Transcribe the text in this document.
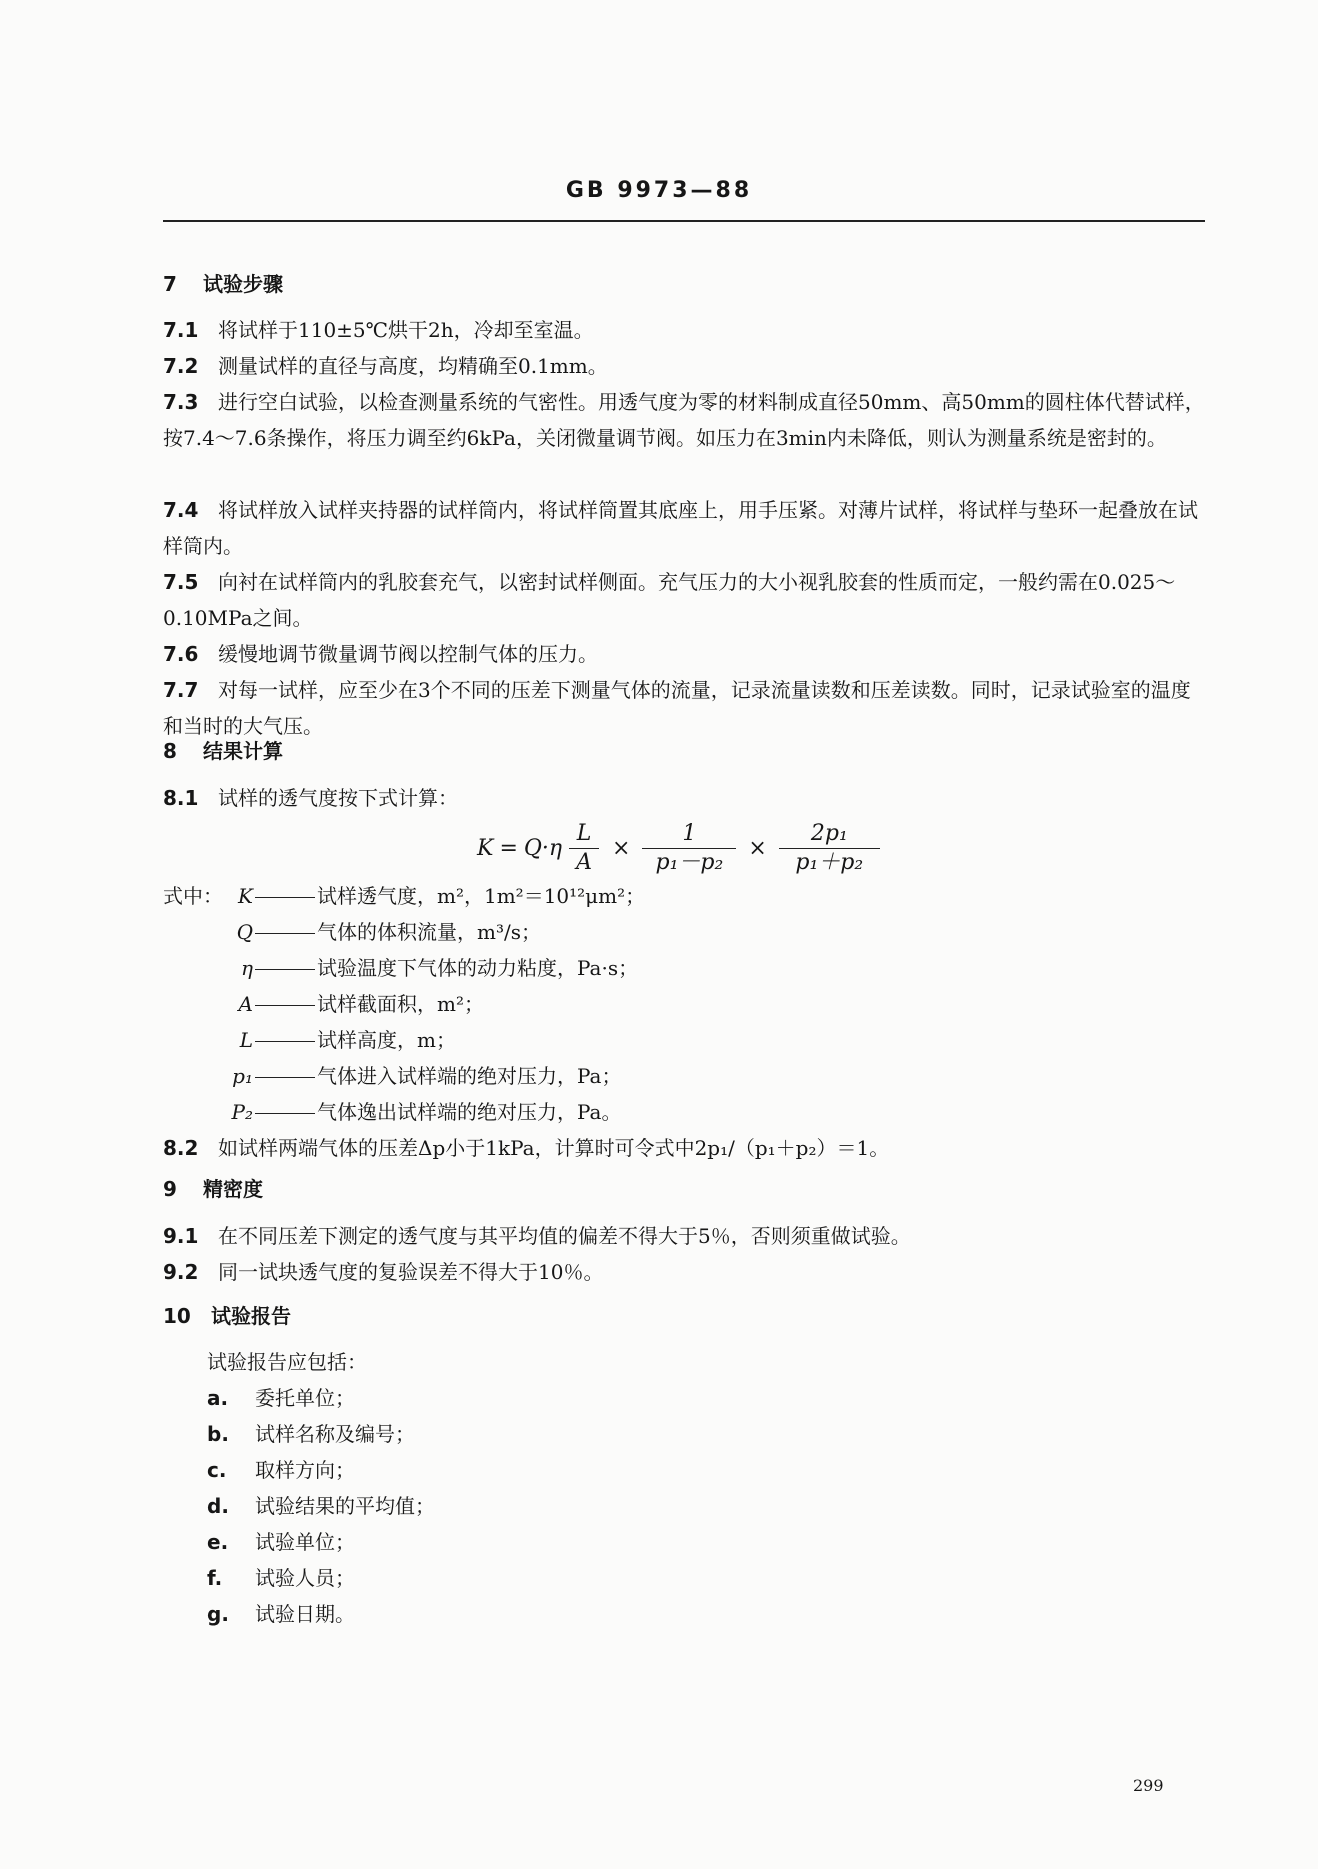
GB 9973—88
7 试验步骤
7.1 将试样于110±5℃烘干2h，冷却至室温。
7.2 测量试样的直径与高度，均精确至0.1mm。
7.3 进行空白试验，以检查测量系统的气密性。用透气度为零的材料制成直径50mm、高50mm的圆柱体代替试样，按7.4～7.6条操作，将压力调至约6kPa，关闭微量调节阀。如压力在3min内未降低，则认为测量系统是密封的。
7.4 将试样放入试样夹持器的试样筒内，将试样筒置其底座上，用手压紧。对薄片试样，将试样与垫环一起叠放在试样筒内。
7.5 向衬在试样筒内的乳胶套充气，以密封试样侧面。充气压力的大小视乳胶套的性质而定，一般约需在0.025～0.10MPa之间。
7.6 缓慢地调节微量调节阀以控制气体的压力。
7.7 对每一试样，应至少在3个不同的压差下测量气体的流量，记录流量读数和压差读数。同时，记录试验室的温度和当时的大气压。
8 结果计算
8.1 试样的透气度按下式计算：
$K = Q\cdot\eta \frac{L}{A} \times \frac{1}{\text{p₁－p₂}} \times \frac{\text{2p₁}}{\text{p₁＋p₂}}$
式中： K	试样透气度，m²，1m²＝10¹²μm²；
Q	气体的体积流量，m³/s；
η	试验温度下气体的动力粘度，Pa·s；
A	试样截面积，m²；
L	试样高度，m；
p₁	气体进入试样端的绝对压力，Pa；
P₂	气体逸出试样端的绝对压力，Pa。
8.2 如试样两端气体的压差Δp小于1kPa，计算时可令式中2p₁/（p₁＋p₂）＝1。
9 精密度
9.1 在不同压差下测定的透气度与其平均值的偏差不得大于5％，否则须重做试验。
9.2 同一试块透气度的复验误差不得大于10％。
10 试验报告
试验报告应包括：
a. 委托单位；
b. 试样名称及编号；
c. 取样方向；
d. 试验结果的平均值；
e. 试验单位；
f. 试验人员；
g. 试验日期。
299
